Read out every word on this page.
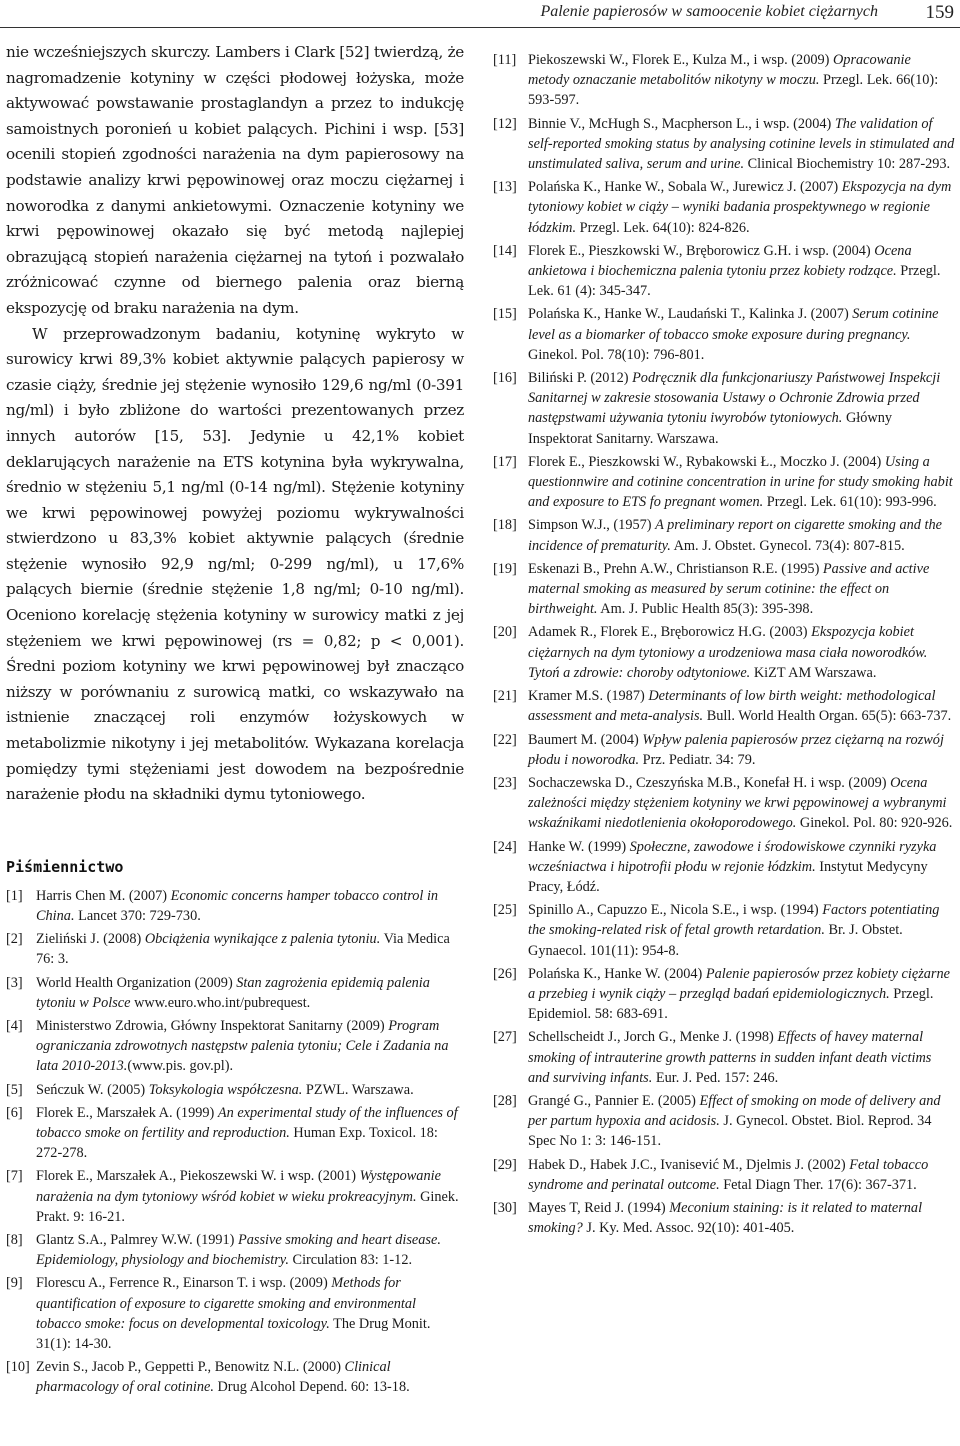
Palenie papierosów w samoocenie kobiet ciężarnych	159

nie wcześniejszych skurczy. Lambers i Clark [52] twierdzą, że nagromadzenie kotyniny w części płodowej łożyska, może aktywować powstawanie prostaglandyn a przez to indukcję samoistnych poronień u kobiet palących. Pichini i wsp. [53] ocenili stopień zgodności narażenia na dym papierosowy na podstawie analizy krwi pępowinowej oraz moczu ciężarnej i noworodka z danymi ankietowymi. Oznaczenie kotyniny we krwi pępowinowej okazało się być metodą najlepiej obrazującą stopień narażenia ciężarnej na tytoń i pozwalało zróżnicować czynne od biernego palenia oraz bierną ekspozycję od braku narażenia na dym.

W przeprowadzonym badaniu, kotyninę wykryto w surowicy krwi 89,3% kobiet aktywnie palących papierosy w czasie ciąży, średnie jej stężenie wynosiło 129,6 ng/ml (0-391 ng/ml) i było zbliżone do wartości prezentowanych przez innych autorów [15, 53]. Jedynie u 42,1% kobiet deklarujących narażenie na ETS kotynina była wykrywalna, średnio w stężeniu 5,1 ng/ml (0-14 ng/ml). Stężenie kotyniny we krwi pępowinowej powyżej poziomu wykrywalności stwierdzono u 83,3% kobiet aktywnie palących (średnie stężenie wynosiło 92,9 ng/ml; 0-299 ng/ml), u 17,6% palących biernie (średnie stężenie 1,8 ng/ml; 0-10 ng/ml). Oceniono korelację stężenia kotyniny w surowicy matki z jej stężeniem we krwi pępowinowej (rs = 0,82; p < 0,001). Średni poziom kotyniny we krwi pępowinowej był znacząco niższy w porównaniu z surowicą matki, co wskazywało na istnienie znaczącej roli enzymów łożyskowych w metabolizmie nikotyny i jej metabolitów. Wykazana korelacja pomiędzy tymi stężeniami jest dowodem na bezpośrednie narażenie płodu na składniki dymu tytoniowego.

Piśmiennictwo
[1] Harris Chen M. (2007) Economic concerns hamper tobacco control in China. Lancet 370: 729-730.
[2] Zieliński J. (2008) Obciążenia wynikające z palenia tytoniu. Via Medica 76: 3.
[3] World Health Organization (2009) Stan zagrożenia epidemią palenia tytoniu w Polsce www.euro.who.int/pubrequest.
[4] Ministerstwo Zdrowia, Główny Inspektorat Sanitarny (2009) Program ograniczania zdrowotnych następstw palenia tytoniu; Cele i Zadania na lata 2010-2013.(www.pis. gov.pl).
[5] Seńczuk W. (2005) Toksykologia współczesna. PZWL. Warszawa.
[6] Florek E., Marszałek A. (1999) An experimental study of the influences of tobacco smoke on fertility and reproduction. Human Exp. Toxicol. 18: 272-278.
[7] Florek E., Marszałek A., Piekoszewski W. i wsp. (2001) Występowanie narażenia na dym tytoniowy wśród kobiet w wieku prokreacyjnym. Ginek. Prakt. 9: 16-21.
[8] Glantz S.A., Palmrey W.W. (1991) Passive smoking and heart disease. Epidemiology, physiology and biochemistry. Circulation 83: 1-12.
[9] Florescu A., Ferrence R., Einarson T. i wsp. (2009) Methods for quantification of exposure to cigarette smoking and environmental tobacco smoke: focus on developmental toxicology. The Drug Monit. 31(1): 14-30.
[10] Zevin S., Jacob P., Geppetti P., Benowitz N.L. (2000) Clinical pharmacology of oral cotinine. Drug Alcohol Depend. 60: 13-18.
[11] Piekoszewski W., Florek E., Kulza M., i wsp. (2009) Opracowanie metody oznaczanie metabolitów nikotyny w moczu. Przegl. Lek. 66(10): 593-597.
[12] Binnie V., McHugh S., Macpherson L., i wsp. (2004) The validation of self-reported smoking status by analysing cotinine levels in stimulated and unstimulated saliva, serum and urine. Clinical Biochemistry 10: 287-293.
[13] Polańska K., Hanke W., Sobala W., Jurewicz J. (2007) Ekspozycja na dym tytoniowy kobiet w ciąży – wyniki badania prospektywnego w regionie łódzkim. Przegl. Lek. 64(10): 824-826.
[14] Florek E., Pieszkowski W., Bręborowicz G.H. i wsp. (2004) Ocena ankietowa i biochemiczna palenia tytoniu przez kobiety rodzące. Przegl. Lek. 61 (4): 345-347.
[15] Polańska K., Hanke W., Laudański T., Kalinka J. (2007) Serum cotinine level as a biomarker of tobacco smoke exposure during pregnancy. Ginekol. Pol. 78(10): 796-801.
[16] Biliński P. (2012) Podręcznik dla funkcjonariuszy Państwowej Inspekcji Sanitarnej w zakresie stosowania Ustawy o Ochronie Zdrowia przed następstwami używania tytoniu iwyrobów tytoniowych. Główny Inspektorat Sanitarny. Warszawa.
[17] Florek E., Pieszkowski W., Rybakowski Ł., Moczko J. (2004) Using a questionnwire and cotinine concentration in urine for study smoking habit and exposure to ETS fo pregnant women. Przegl. Lek. 61(10): 993-996.
[18] Simpson W.J., (1957) A preliminary report on cigarette smoking and the incidence of prematurity. Am. J. Obstet. Gynecol. 73(4): 807-815.
[19] Eskenazi B., Prehn A.W., Christianson R.E. (1995) Passive and active maternal smoking as measured by serum cotinine: the effect on birthweight. Am. J. Public Health 85(3): 395-398.
[20] Adamek R., Florek E., Bręborowicz H.G. (2003) Ekspozycja kobiet ciężarnych na dym tytoniowy a urodzeniowa masa ciała noworodków. Tytoń a zdrowie: choroby odtytoniowe. KiZT AM Warszawa.
[21] Kramer M.S. (1987) Determinants of low birth weight: methodological assessment and meta-analysis. Bull. World Health Organ. 65(5): 663-737.
[22] Baumert M. (2004) Wpływ palenia papierosów przez ciężarną na rozwój płodu i noworodka. Prz. Pediatr. 34: 79.
[23] Sochaczewska D., Czeszyńska M.B., Konefał H. i wsp. (2009) Ocena zależności między stężeniem kotyniny we krwi pępowinowej a wybranymi wskaźnikami niedotlenienia okołoporodowego. Ginekol. Pol. 80: 920-926.
[24] Hanke W. (1999) Społeczne, zawodowe i środowiskowe czynniki ryzyka wcześniactwa i hipotrofii płodu w rejonie łódzkim. Instytut Medycyny Pracy, Łódź.
[25] Spinillo A., Capuzzo E., Nicola S.E., i wsp. (1994) Factors potentiating the smoking-related risk of fetal growth retardation. Br. J. Obstet. Gynaecol. 101(11): 954-8.
[26] Polańska K., Hanke W. (2004) Palenie papierosów przez kobiety ciężarne a przebieg i wynik ciąży – przegląd badań epidemiologicznych. Przegl. Epidemiol. 58: 683-691.
[27] Schellscheidt J., Jorch G., Menke J. (1998) Effects of havey maternal smoking of intrauterine growth patterns in sudden infant death victims and surviving infants. Eur. J. Ped. 157: 246.
[28] Grangé G., Pannier E. (2005) Effect of smoking on mode of delivery and per partum hypoxia and acidosis. J. Gynecol. Obstet. Biol. Reprod. 34 Spec No 1: 3: 146-151.
[29] Habek D., Habek J.C., Ivanisević M., Djelmis J. (2002) Fetal tobacco syndrome and perinatal outcome. Fetal Diagn Ther. 17(6): 367-371.
[30] Mayes T, Reid J. (1994) Meconium staining: is it related to maternal smoking? J. Ky. Med. Assoc. 92(10): 401-405.
